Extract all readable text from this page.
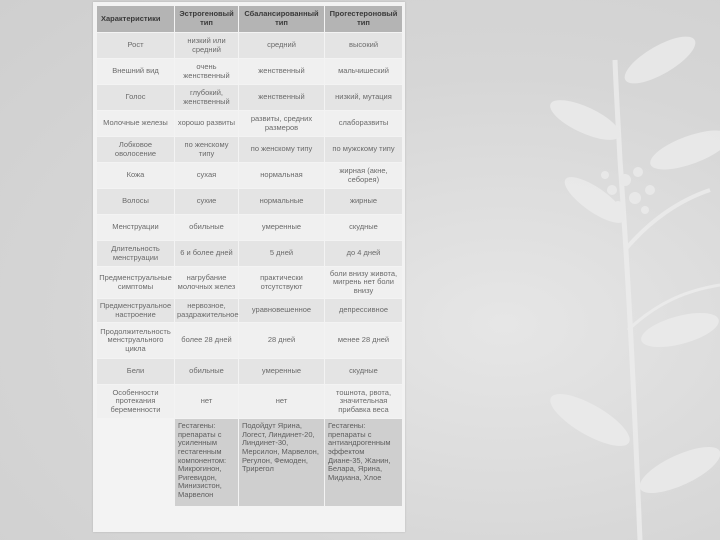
Характеристики	Эстрогеновый тип	Сбалансированный тип	Прогестероновый тип
Рост	низкий или средний	средний	высокий
Внешний вид	очень женственный	женственный	мальчишеский
Голос	глубокий, женственный	женственный	низкий, мутация
Молочные железы	хорошо развиты	развиты, средних размеров	слаборазвиты
Лобковое оволосение	по женскому типу	по женскому типу	по мужскому типу
Кожа	сухая	нормальная	жирная (акне, себорея)
Волосы	сухие	нормальные	жирные
Менструации	обильные	умеренные	скудные
Длительность менструации	6 и более дней	5 дней	до 4 дней
Предменструальные симптомы	нагрубание молочных желез	практически отсутствуют	боли внизу живота, мигрень нет боли внизу
Предменструальное настроение	нервозное, раздражительное	уравновешенное	депрессивное
Продолжительность менструального цикла	более 28 дней	28 дней	менее 28 дней
Бели	обильные	умеренные	скудные
Особенности протекания беременности	нет	нет	тошнота, рвота, значительная прибавка веса
	Гестагены: препараты с усиленным гестагенным компонентом: Микрогинон, Ригевидон, Минизистон, Марвелон	Подойдут Ярина, Логест, Линдинет-20, Линдинет-30, Мерсилон, Марвелон, Регулон, Фемоден, Трирегол	Гестагены: препараты с антиандрогенным эффектом Диане-35, Жанин, Белара, Ярина, Мидиана, Хлое
